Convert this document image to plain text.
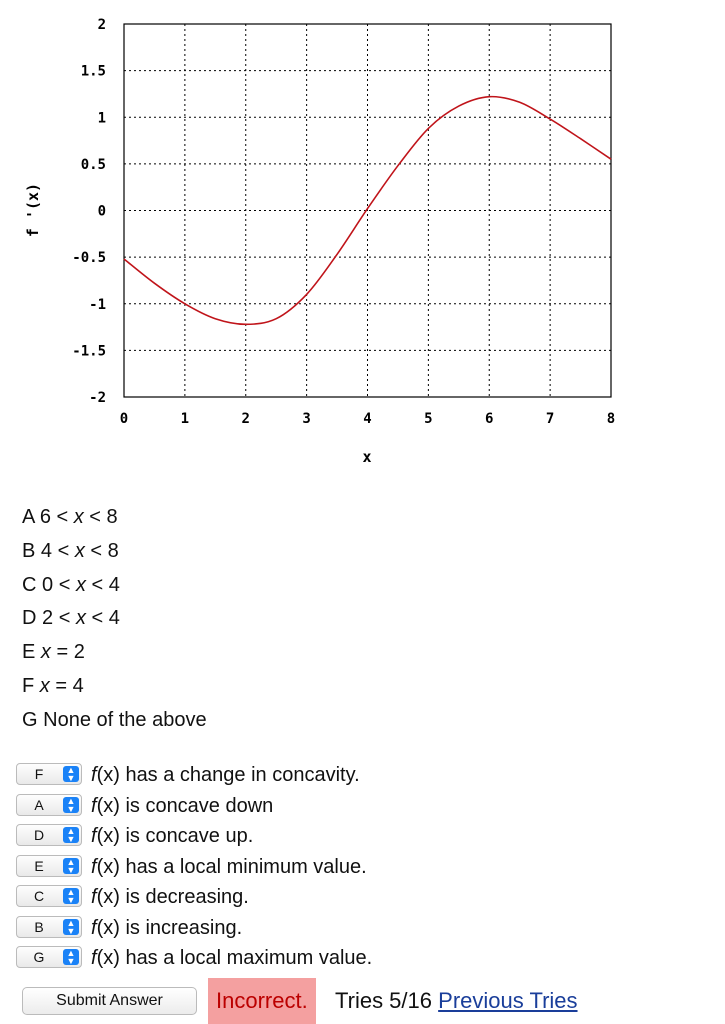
0	1	2	3	4	5	6	7	8
2
1.5
1
0.5
0
-0.5
-1
-1.5
-2
x
f '(x)
A 6 < x < 8
B 4 < x < 8
C 0 < x < 4
D 2 < x < 4
E x = 2
F x = 4
G None of the above
F	▲
▼ f(x) has a change in concavity.
A	▲
▼ f(x) is concave down
D	▲
▼ f(x) is concave up.
E	▲
▼ f(x) has a local minimum value.
C	▲
▼ f(x) is decreasing.
B	▲
▼ f(x) is increasing.
G	▲
▼ f(x) has a local maximum value.
Submit Answer	Incorrect.	Tries 5/16 Previous Tries
